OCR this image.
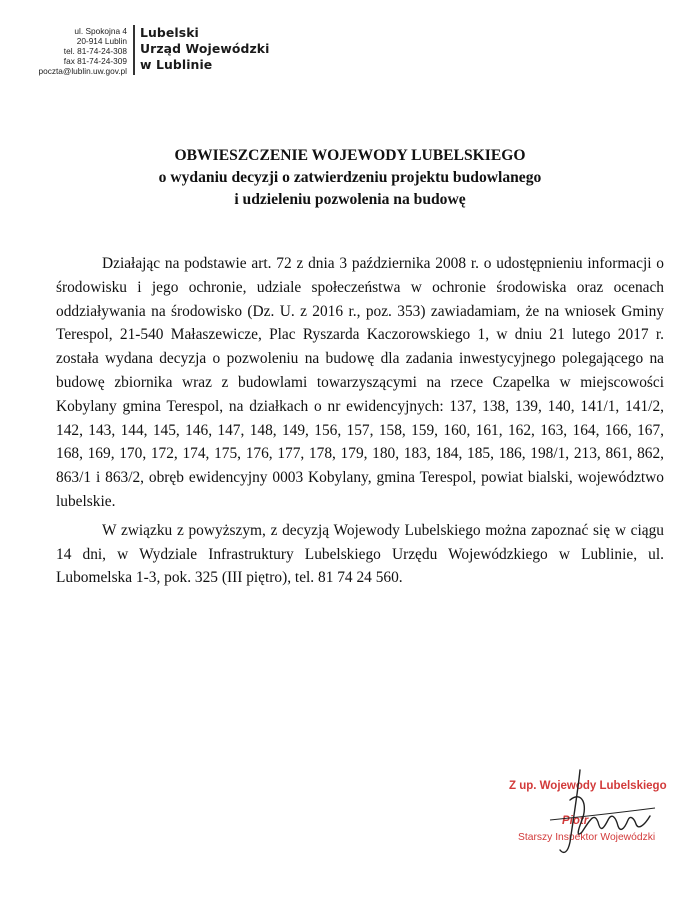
ul. Spokojna 4
20-914 Lublin
tel. 81-74-24-308
fax 81-74-24-309
poczta@lublin.uw.gov.pl
Lubelski
Urząd Wojewódzki
w Lublinie
OBWIESZCZENIE WOJEWODY LUBELSKIEGO
o wydaniu decyzji o zatwierdzeniu projektu budowlanego
i udzieleniu pozwolenia na budowę

Działając na podstawie art. 72 z dnia 3 października 2008 r. o udostępnieniu informacji o środowisku i jego ochronie, udziale społeczeństwa w ochronie środowiska oraz ocenach oddziaływania na środowisko (Dz. U. z 2016 r., poz. 353) zawiadamiam, że na wniosek Gminy Terespol, 21-540 Małaszewicze, Plac Ryszarda Kaczorowskiego 1, w dniu 21 lutego 2017 r. została wydana decyzja o pozwoleniu na budowę dla zadania inwestycyjnego polegającego na budowę zbiornika wraz z budowlami towarzyszącymi na rzece Czapelka w miejscowości Kobylany gmina Terespol, na działkach o nr ewidencyjnych: 137, 138, 139, 140, 141/1, 141/2, 142, 143, 144, 145, 146, 147, 148, 149, 156, 157, 158, 159, 160, 161, 162, 163, 164, 166, 167, 168, 169, 170, 172, 174, 175, 176, 177, 178, 179, 180, 183, 184, 185, 186, 198/1, 213, 861, 862, 863/1 i 863/2, obręb ewidencyjny 0003 Kobylany, gmina Terespol, powiat bialski, województwo lubelskie.

W związku z powyższym, z decyzją Wojewody Lubelskiego można zapoznać się w ciągu 14 dni, w Wydziale Infrastruktury Lubelskiego Urzędu Wojewódzkiego w Lublinie, ul. Lubomelska 1-3, pok. 325 (III piętro), tel. 81 74 24 560.

Z up. Wojewody Lubelskiego
Piotr
Starszy Inspektor Wojewódzki
